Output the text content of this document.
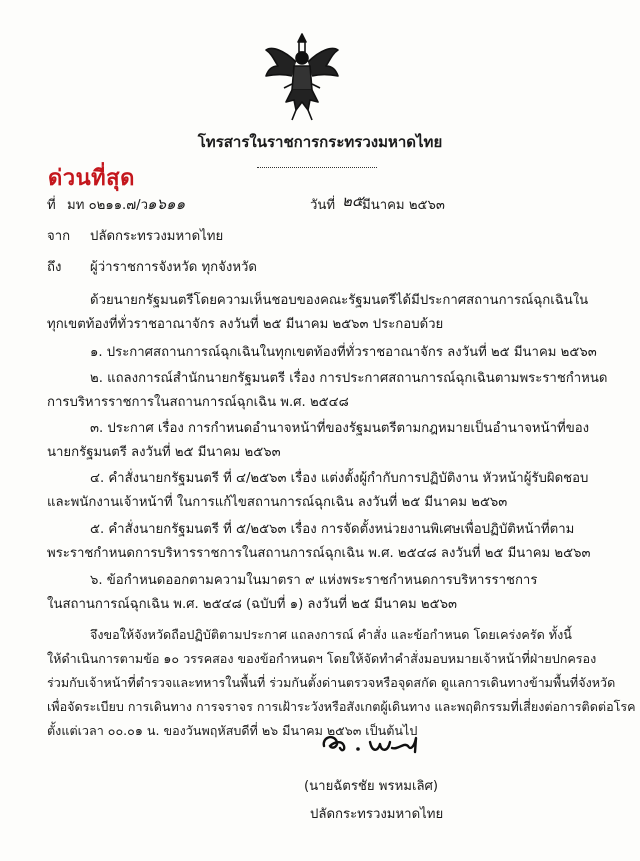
โทรสารในราชการกระทรวงมหาดไทย
ด่วนที่สุด
ที่ มท ๐๒๑๑.๗/ว
๑๖๑๑	วันที่ ๒๕
มีนาคม ๒๕๖๓
จาก ปลัดกระทรวงมหาดไทย
ถึง ผู้ว่าราชการจังหวัด ทุกจังหวัด
ด้วยนายกรัฐมนตรีโดยความเห็นชอบของคณะรัฐมนตรีได้มีประกาศสถานการณ์ฉุกเฉินใน
ทุกเขตท้องที่ทั่วราชอาณาจักร ลงวันที่ ๒๕ มีนาคม ๒๕๖๓ ประกอบด้วย
๑. ประกาศสถานการณ์ฉุกเฉินในทุกเขตท้องที่ทั่วราชอาณาจักร ลงวันที่ ๒๕ มีนาคม ๒๕๖๓
๒. แถลงการณ์สำนักนายกรัฐมนตรี เรื่อง การประกาศสถานการณ์ฉุกเฉินตามพระราชกำหนด
การบริหารราชการในสถานการณ์ฉุกเฉิน พ.ศ. ๒๕๔๘
๓. ประกาศ เรื่อง การกำหนดอำนาจหน้าที่ของรัฐมนตรีตามกฎหมายเป็นอำนาจหน้าที่ของ
นายกรัฐมนตรี ลงวันที่ ๒๕ มีนาคม ๒๕๖๓
๔. คำสั่งนายกรัฐมนตรี ที่ ๔/๒๕๖๓ เรื่อง แต่งตั้งผู้กำกับการปฏิบัติงาน หัวหน้าผู้รับผิดชอบ
และพนักงานเจ้าหน้าที่ ในการแก้ไขสถานการณ์ฉุกเฉิน ลงวันที่ ๒๕ มีนาคม ๒๕๖๓
๕. คำสั่งนายกรัฐมนตรี ที่ ๕/๒๕๖๓ เรื่อง การจัดตั้งหน่วยงานพิเศษเพื่อปฏิบัติหน้าที่ตาม
พระราชกำหนดการบริหารราชการในสถานการณ์ฉุกเฉิน พ.ศ. ๒๕๔๘ ลงวันที่ ๒๕ มีนาคม ๒๕๖๓
๖. ข้อกำหนดออกตามความในมาตรา ๙ แห่งพระราชกำหนดการบริหารราชการ
ในสถานการณ์ฉุกเฉิน พ.ศ. ๒๕๔๘ (ฉบับที่ ๑) ลงวันที่ ๒๕ มีนาคม ๒๕๖๓
จึงขอให้จังหวัดถือปฏิบัติตามประกาศ แถลงการณ์ คำสั่ง และข้อกำหนด โดยเคร่งครัด ทั้งนี้
ให้ดำเนินการตามข้อ ๑๐ วรรคสอง ของข้อกำหนดฯ โดยให้จัดทำคำสั่งมอบหมายเจ้าหน้าที่ฝ่ายปกครอง
ร่วมกับเจ้าหน้าที่ตำรวจและทหารในพื้นที่ ร่วมกันตั้งด่านตรวจหรือจุดสกัด ดูแลการเดินทางข้ามพื้นที่จังหวัด
เพื่อจัดระเบียบ การเดินทาง การจราจร การเฝ้าระวังหรือสังเกตผู้เดินทาง และพฤติกรรมที่เสี่ยงต่อการติดต่อโรค
ตั้งแต่เวลา ๐๐.๐๑ น. ของวันพฤหัสบดีที่ ๒๖ มีนาคม ๒๕๖๓ เป็นต้นไป
(นายฉัตรชัย พรหมเลิศ)
ปลัดกระทรวงมหาดไทย
